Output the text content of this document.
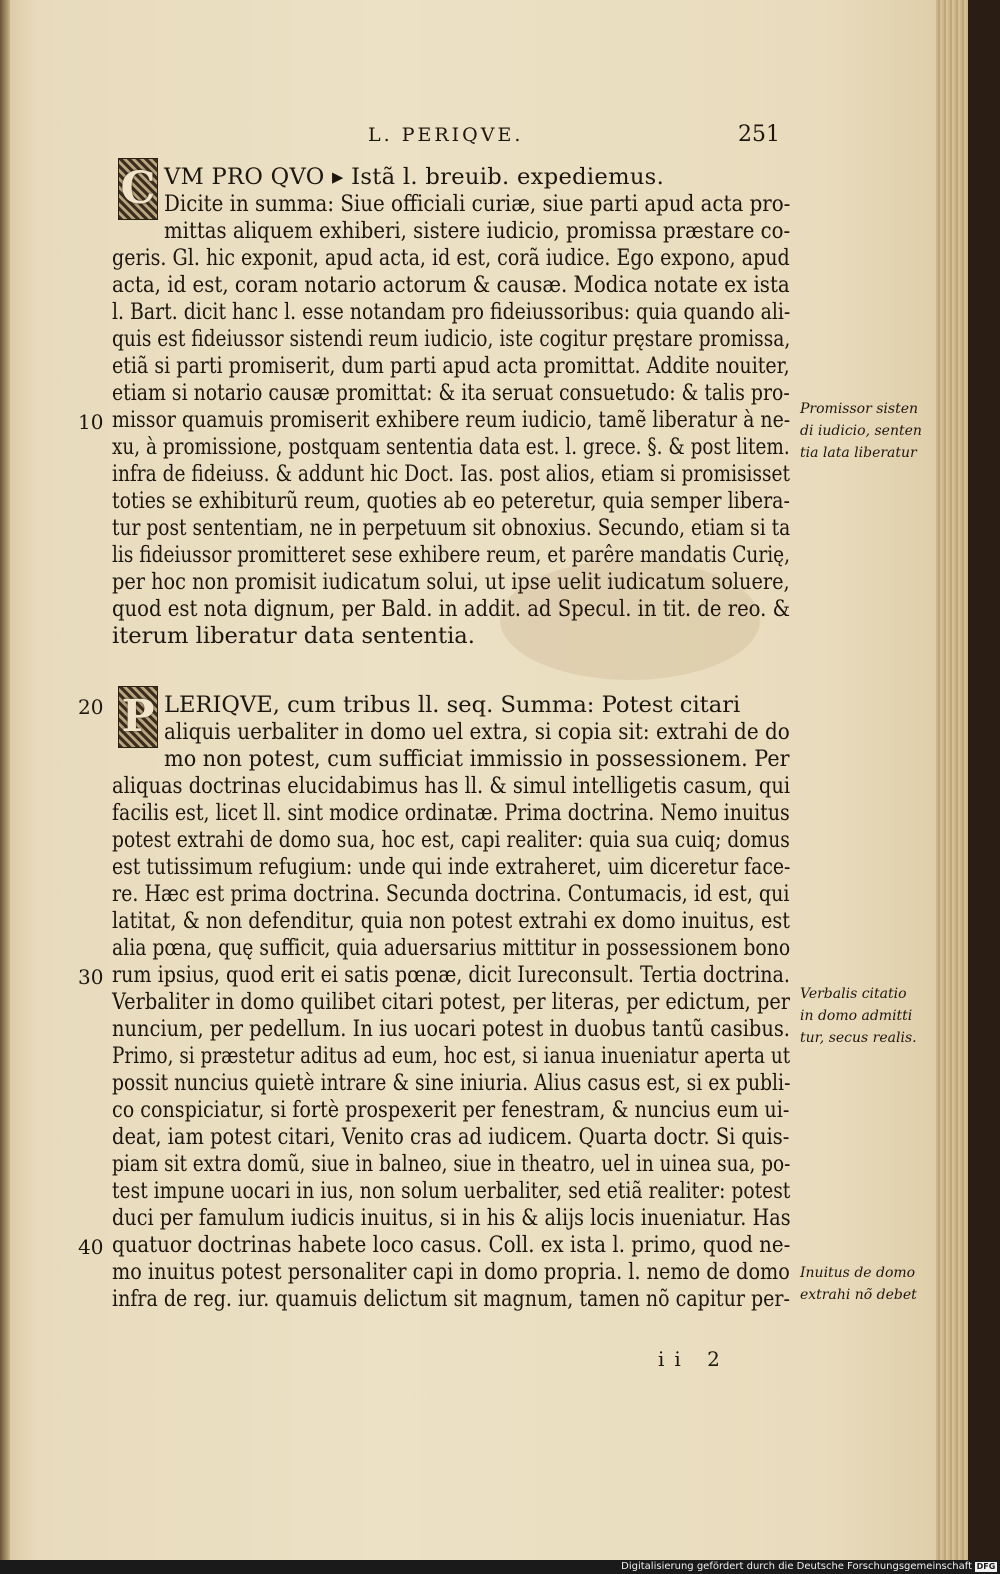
L. PERIQVE.	251
C VM PRO QVO ▸ Istã l. breuib. expediemus.
Dicite in summa: Siue officiali curiæ, siue parti apud acta pro-
mittas aliquem exhiberi, sistere iudicio, promissa præstare co-
geris. Gl. hic exponit, apud acta, id est, corã iudice. Ego expono, apud
acta, id est, coram notario actorum & causæ. Modica notate ex ista
l. Bart. dicit hanc l. esse notandam pro fideiussoribus: quia quando ali-
quis est fideiussor sistendi reum iudicio, iste cogitur pręstare promissa,
etiã si parti promiserit, dum parti apud acta promittat. Addite nouiter,
etiam si notario causæ promittat: & ita seruat consuetudo: & talis pro-
missor quamuis promiserit exhibere reum iudicio, tamẽ liberatur à ne-
xu, à promissione, postquam sententia data est. l. grece. §. & post litem.
infra de fideiuss. & addunt hic Doct. Ias. post alios, etiam si promisisset
toties se exhibiturũ reum, quoties ab eo peteretur, quia semper libera-
tur post sententiam, ne in perpetuum sit obnoxius. Secundo, etiam si ta
lis fideiussor promitteret sese exhibere reum, et parêre mandatis Curię,
per hoc non promisit iudicatum solui, ut ipse uelit iudicatum soluere,
quod est nota dignum, per Bald. in addit. ad Specul. in tit. de reo. &
iterum liberatur data sententia.
P LERIQVE, cum tribus ll. seq. Summa: Potest citari
aliquis uerbaliter in domo uel extra, si copia sit: extrahi de do
mo non potest, cum sufficiat immissio in possessionem. Per
aliquas doctrinas elucidabimus has ll. & simul intelligetis casum, qui
facilis est, licet ll. sint modice ordinatæ. Prima doctrina. Nemo inuitus
potest extrahi de domo sua, hoc est, capi realiter: quia sua cuiq; domus
est tutissimum refugium: unde qui inde extraheret, uim diceretur face-
re. Hæc est prima doctrina. Secunda doctrina. Contumacis, id est, qui
latitat, & non defenditur, quia non potest extrahi ex domo inuitus, est
alia pœna, quę sufficit, quia aduersarius mittitur in possessionem bono
rum ipsius, quod erit ei satis pœnæ, dicit Iureconsult. Tertia doctrina.
Verbaliter in domo quilibet citari potest, per literas, per edictum, per
nuncium, per pedellum. In ius uocari potest in duobus tantũ casibus.
Primo, si præstetur aditus ad eum, hoc est, si ianua inueniatur aperta ut
possit nuncius quietè intrare & sine iniuria. Alius casus est, si ex publi-
co conspiciatur, si fortè prospexerit per fenestram, & nuncius eum ui-
deat, iam potest citari, Venito cras ad iudicem. Quarta doctr. Si quis-
piam sit extra domũ, siue in balneo, siue in theatro, uel in uinea sua, po-
test impune uocari in ius, non solum uerbaliter, sed etiã realiter: potest
duci per famulum iudicis inuitus, si in his & alijs locis inueniatur. Has
quatuor doctrinas habete loco casus. Coll. ex ista l. primo, quod ne-
mo inuitus potest personaliter capi in domo propria. l. nemo de domo
infra de reg. iur. quamuis delictum sit magnum, tamen nõ capitur per-
10
20
30
40
Promissor sisten
di iudicio, senten
tia lata liberatur
Verbalis citatio
in domo admitti
tur, secus realis.
Inuitus de domo
extrahi nõ debet
ii 2
Digitalisierung gefördert durch die Deutsche Forschungsgemeinschaft DFG
